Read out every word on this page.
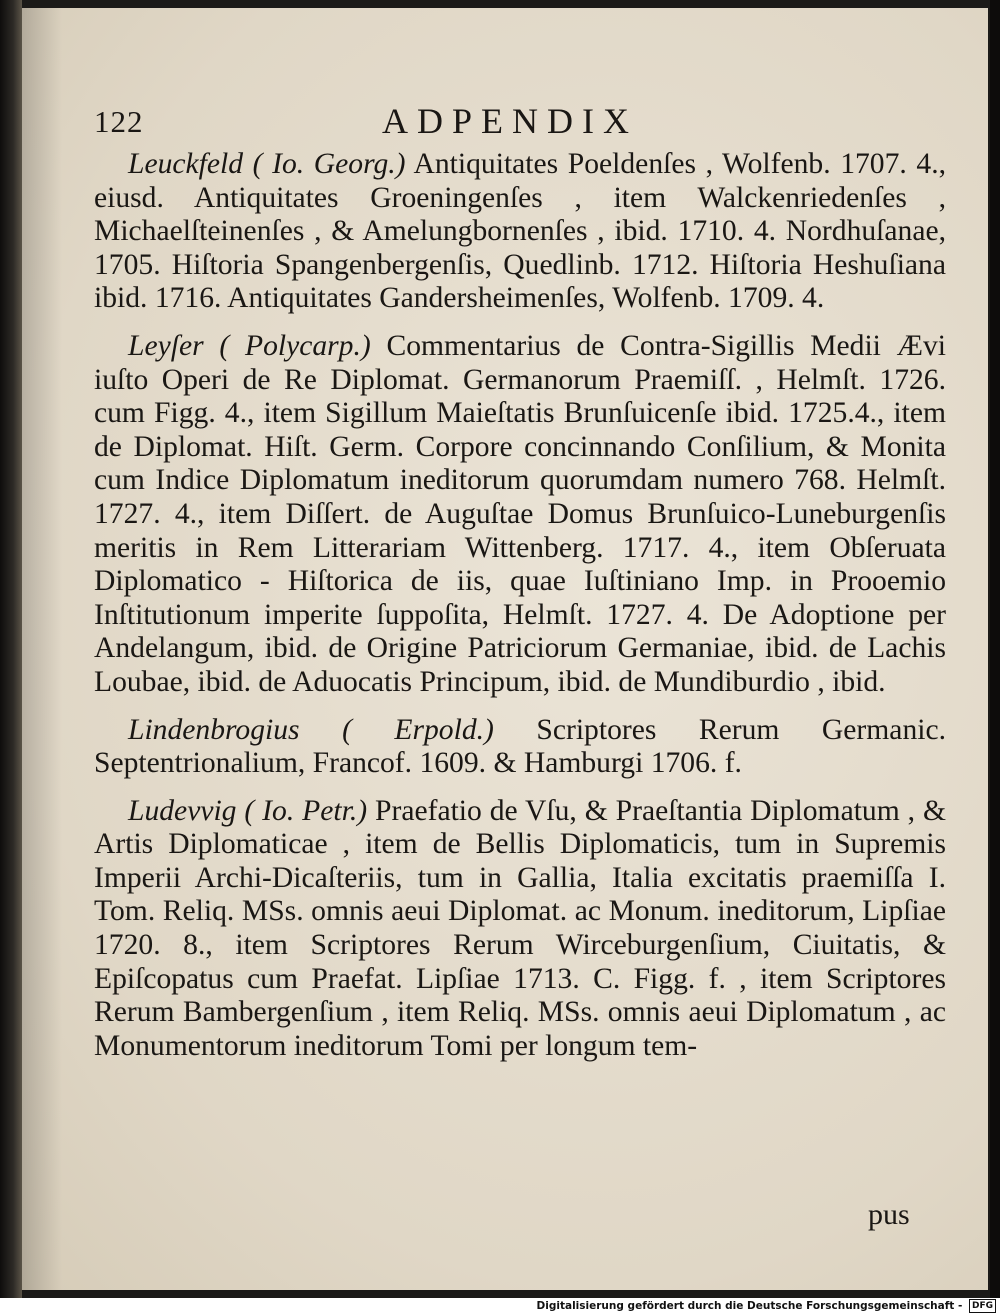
122	ADPENDIX

Leuckfeld ( Io. Georg.) Antiquitates Poeldenſes , Wolfenb. 1707. 4., eiusd. Antiquitates Groeningenſes , item Walckenriedenſes , Michaelſteinenſes , & Amelungbornenſes , ibid. 1710. 4. Nordhuſanae, 1705. Hiſtoria Spangenbergenſis, Quedlinb. 1712. Hiſtoria Heshuſiana ibid. 1716. Antiquitates Gandersheimenſes, Wolfenb. 1709. 4.

Leyſer ( Polycarp.) Commentarius de Contra-Sigillis Medii Ævi iuſto Operi de Re Diplomat. Germanorum Praemiſſ. , Helmſt. 1726. cum Figg. 4., item Sigillum Maieſtatis Brunſuicenſe ibid. 1725.4., item de Diplomat. Hiſt. Germ. Corpore concinnando Conſilium, & Monita cum Indice Diplomatum ineditorum quorumdam numero 768. Helmſt. 1727. 4., item Diſſert. de Auguſtae Domus Brunſuico-Luneburgenſis meritis in Rem Litterariam Wittenberg. 1717. 4., item Obſeruata Diplomatico - Hiſtorica de iis, quae Iuſtiniano Imp. in Prooemio Inſtitutionum imperite ſuppoſita, Helmſt. 1727. 4. De Adoptione per Andelangum, ibid. de Origine Patriciorum Germaniae, ibid. de Lachis Loubae, ibid. de Aduocatis Principum, ibid. de Mundiburdio , ibid.

Lindenbrogius ( Erpold.) Scriptores Rerum Germanic. Septentrionalium, Francof. 1609. & Hamburgi 1706. f.

Ludevvig ( Io. Petr.) Praefatio de Vſu, & Praeſtantia Diplomatum , & Artis Diplomaticae , item de Bellis Diplomaticis, tum in Supremis Imperii Archi-Dicaſteriis, tum in Gallia, Italia excitatis praemiſſa I. Tom. Reliq. MSs. omnis aeui Diplomat. ac Monum. ineditorum, Lipſiae 1720. 8., item Scriptores Rerum Wirceburgenſium, Ciuitatis, & Epiſcopatus cum Praefat. Lipſiae 1713. C. Figg. f. , item Scriptores Rerum Bambergenſium , item Reliq. MSs. omnis aeui Diplomatum , ac Monumentorum ineditorum Tomi per longum tem-

pus
Digitalisierung gefördert durch die Deutsche Forschungsgemeinschaft - DFG
